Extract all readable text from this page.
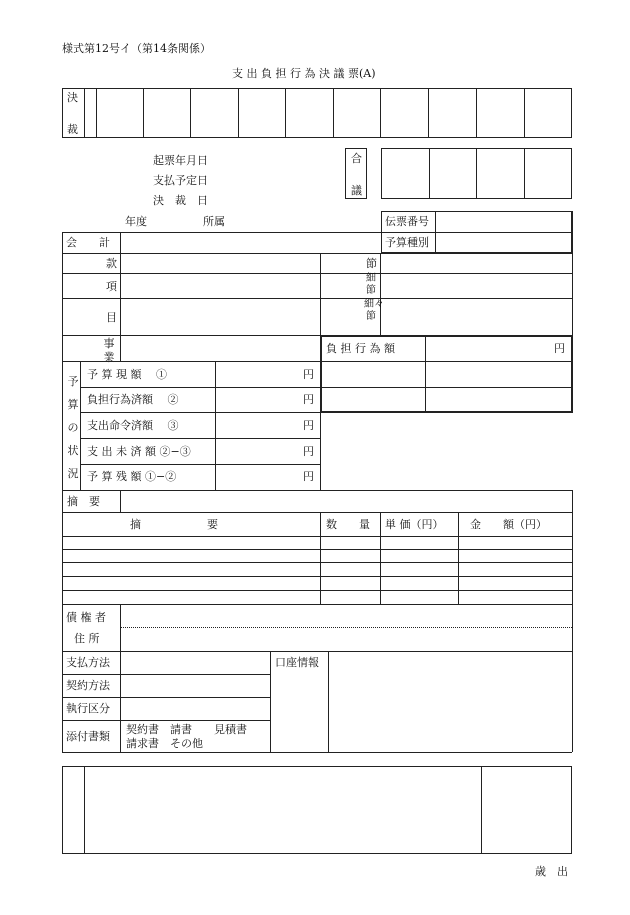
様式第12号イ（第14条関係）
支 出 負 担 行 為 決 議 票(A)
決
裁
起票年月日
支払予定日
決　裁　日
合
議
年度	所属	伝票番号
予算種別
会　　計
款
項
目
事業
節
細節
細々節
予算の状況
予 算 現 額　 ①	円
負担行為済額　 ②	円
支出命令済額　 ③	円
支 出 未 済 額 ②−③	円
予 算 残 額 ①−②	円
負 担 行 為 額	円
摘　要
摘　　　　　　要	数　　量 単 価（円） 金　　額（円）
債 権 者
住 所
支払方法
契約方法
執行区分
添付書類
契約書　請書　　見積書
請求書　その他
口座情報
歳　出
